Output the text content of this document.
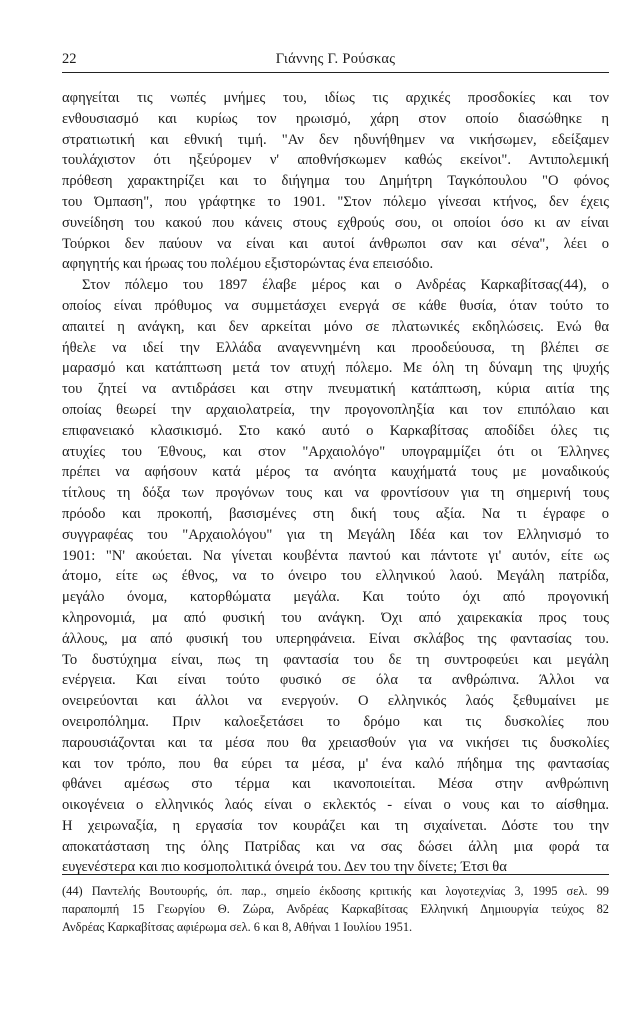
22	Γιάννης Γ. Ρούσκας
αφηγείται τις νωπές μνήμες του, ιδίως τις αρχικές προσδοκίες και τον
ενθουσιασμό και κυρίως τον ηρωισμό, χάρη στον οποίο διασώθηκε η
στρατιωτική και εθνική τιμή. "Αν δεν ηδυνήθημεν να νικήσωμεν, εδείξαμεν
τουλάχιστον ότι ηξεύρομεν ν' αποθνήσκωμεν καθώς εκείνοι". Αντιπολεμική
πρόθεση χαρακτηρίζει και το διήγημα του Δημήτρη Ταγκόπουλου "Ο φόνος
του Όμπαση", που γράφτηκε το 1901. "Στον πόλεμο γίνεσαι κτήνος, δεν έχεις
συνείδηση του κακού που κάνεις στους εχθρούς σου, οι οποίοι όσο κι αν είναι
Τούρκοι δεν παύουν να είναι και αυτοί άνθρωποι σαν και σένα", λέει ο
αφηγητής και ήρωας του πολέμου εξιστορώντας ένα επεισόδιο.
Στον πόλεμο του 1897 έλαβε μέρος και ο Ανδρέας Καρκαβίτσας(44), ο
οποίος είναι πρόθυμος να συμμετάσχει ενεργά σε κάθε θυσία, όταν τούτο το
απαιτεί η ανάγκη, και δεν αρκείται μόνο σε πλατωνικές εκδηλώσεις. Ενώ θα
ήθελε να ιδεί την Ελλάδα αναγεννημένη και προοδεύουσα, τη βλέπει σε
μαρασμό και κατάπτωση μετά τον ατυχή πόλεμο. Με όλη τη δύναμη της ψυχής
του ζητεί να αντιδράσει και στην πνευματική κατάπτωση, κύρια αιτία της
οποίας θεωρεί την αρχαιολατρεία, την προγονοπληξία και τον επιπόλαιο και
επιφανειακό κλασικισμό. Στο κακό αυτό ο Καρκαβίτσας αποδίδει όλες τις
ατυχίες του Έθνους, και στον "Αρχαιολόγο" υπογραμμίζει ότι οι Έλληνες
πρέπει να αφήσουν κατά μέρος τα ανόητα καυχήματά τους με μοναδικούς
τίτλους τη δόξα των προγόνων τους και να φροντίσουν για τη σημερινή τους
πρόοδο και προκοπή, βασισμένες στη δική τους αξία. Να τι έγραφε ο
συγγραφέας του "Αρχαιολόγου" για τη Μεγάλη Ιδέα και τον Ελληνισμό το
1901: "Ν' ακούεται. Να γίνεται κουβέντα παντού και πάντοτε γι' αυτόν, είτε ως
άτομο, είτε ως έθνος, να το όνειρο του ελληνικού λαού. Μεγάλη πατρίδα,
μεγάλο όνομα, κατορθώματα μεγάλα. Και τούτο όχι από προγονική
κληρονομιά, μα από φυσική του ανάγκη. Όχι από χαιρεκακία προς τους
άλλους, μα από φυσική του υπερηφάνεια. Είναι σκλάβος της φαντασίας του.
Το δυστύχημα είναι, πως τη φαντασία του δε τη συντροφεύει και μεγάλη
ενέργεια. Και είναι τούτο φυσικό σε όλα τα ανθρώπινα. Άλλοι να
ονειρεύονται και άλλοι να ενεργούν. Ο ελληνικός λαός ξεθυμαίνει με
ονειροπόλημα. Πριν καλοεξετάσει το δρόμο και τις δυσκολίες που
παρουσιάζονται και τα μέσα που θα χρειασθούν για να νικήσει τις δυσκολίες
και τον τρόπο, που θα εύρει τα μέσα, μ' ένα καλό πήδημα της φαντασίας
φθάνει αμέσως στο τέρμα και ικανοποιείται. Μέσα στην ανθρώπινη
οικογένεια ο ελληνικός λαός είναι ο εκλεκτός - είναι ο νους και το αίσθημα.
Η χειρωναξία, η εργασία τον κουράζει και τη σιχαίνεται. Δόστε του την
αποκατάσταση της όλης Πατρίδας και να σας δώσει άλλη μια φορά τα
ευγενέστερα και πιο κοσμοπολιτικά όνειρά του. Δεν του την δίνετε; Έτσι θα
(44) Παντελής Βουτουρής, όπ. παρ., σημείο έκδοσης κριτικής και λογοτεχνίας 3, 1995 σελ. 99
παραπομπή 15 Γεωργίου Θ. Ζώρα, Ανδρέας Καρκαβίτσας Ελληνική Δημιουργία τεύχος 82
Ανδρέας Καρκαβίτσας αφιέρωμα σελ. 6 και 8, Αθήναι 1 Ιουλίου 1951.
